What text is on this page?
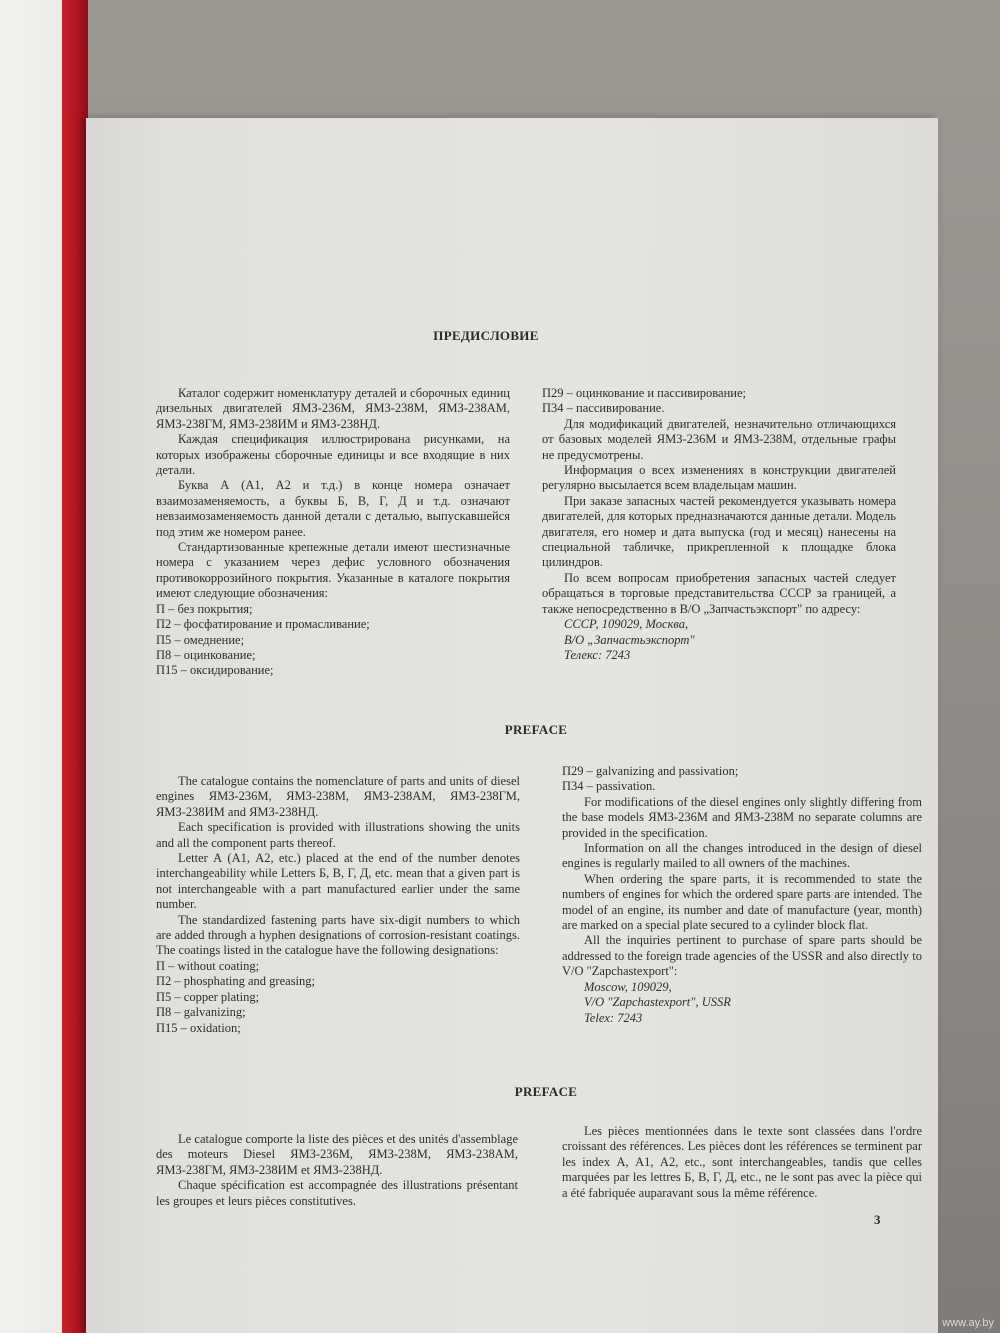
ПРЕДИСЛОВИЕ

Каталог содержит номенклатуру деталей и сборочных единиц дизельных двигателей ЯМЗ-236М, ЯМЗ-238М, ЯМЗ-238АМ, ЯМЗ-238ГМ, ЯМЗ-238ИМ и ЯМЗ-238НД.

Каждая спецификация иллюстрирована рисунками, на которых изображены сборочные единицы и все входящие в них детали.

Буква А (А1, А2 и т.д.) в конце номера означает взаимозаменяемость, а буквы Б, В, Г, Д и т.д. означают невзаимозаменяемость данной детали с деталью, выпускавшейся под этим же номером ранее.

Стандартизованные крепежные детали имеют шестизначные номера с указанием через дефис условного обозначения противокоррозийного покрытия. Указанные в каталоге покрытия имеют следующие обозначения:

П – без покрытия;

П2 – фосфатирование и промасливание;

П5 – омеднение;

П8 – оцинкование;

П15 – оксидирование;

П29 – оцинкование и пассивирование;

П34 – пассивирование.

Для модификаций двигателей, незначительно отличающихся от базовых моделей ЯМЗ-236М и ЯМЗ-238М, отдельные графы не предусмотрены.

Информация о всех изменениях в конструкции двигателей регулярно высылается всем владельцам машин.

При заказе запасных частей рекомендуется указывать номера двигателей, для которых предназначаются данные детали. Модель двигателя, его номер и дата выпуска (год и месяц) нанесены на специальной табличке, прикрепленной к площадке блока цилиндров.

По всем вопросам приобретения запасных частей следует обращаться в торговые представительства СССР за границей, а также непосредственно в В/О „Запчастьэкспорт" по адресу:

СССР, 109029, Москва,

В/О „Запчастьэкспорт"

Телекс: 7243

PREFACE

The catalogue contains the nomenclature of parts and units of diesel engines ЯМЗ-236М, ЯМЗ-238М, ЯМЗ-238АМ, ЯМЗ-238ГМ, ЯМЗ-238ИМ and ЯМЗ-238НД.

Each specification is provided with illustrations showing the units and all the component parts thereof.

Letter А (А1, А2, etc.) placed at the end of the number denotes interchangeability while Letters Б, В, Г, Д, etc. mean that a given part is not interchangeable with a part manufactured earlier under the same number.

The standardized fastening parts have six-digit numbers to which are added through a hyphen designations of corrosion-resistant coatings. The coatings listed in the catalogue have the following designations:

П – without coating;

П2 – phosphating and greasing;

П5 – copper plating;

П8 – galvanizing;

П15 – oxidation;

П29 – galvanizing and passivation;

П34 – passivation.

For modifications of the diesel engines only slightly differing from the base models ЯМЗ-236М and ЯМЗ-238М no separate columns are provided in the specification.

Information on all the changes introduced in the design of diesel engines is regularly mailed to all owners of the machines.

When ordering the spare parts, it is recommended to state the numbers of engines for which the ordered spare parts are intended. The model of an engine, its number and date of manufacture (year, month) are marked on a special plate secured to a cylinder block flat.

All the inquiries pertinent to purchase of spare parts should be addressed to the foreign trade agencies of the USSR and also directly to V/O "Zapchastexport":

Moscow, 109029,

V/O "Zapchastexport", USSR

Telex: 7243

PREFACE

Le catalogue comporte la liste des pièces et des unités d'assemblage des moteurs Diesel ЯМЗ-236М, ЯМЗ-238М, ЯМЗ-238АМ, ЯМЗ-238ГМ, ЯМЗ-238ИМ et ЯМЗ-238НД.

Chaque spécification est accompagnée des illustrations présentant les groupes et leurs pièces constitutives.

Les pièces mentionnées dans le texte sont classées dans l'ordre croissant des références. Les pièces dont les références se terminent par les index А, А1, А2, etc., sont interchangeables, tandis que celles marquées par les lettres Б, В, Г, Д, etc., ne le sont pas avec la pièce qui a été fabriquée auparavant sous la même référence.

3
www.ay.by
